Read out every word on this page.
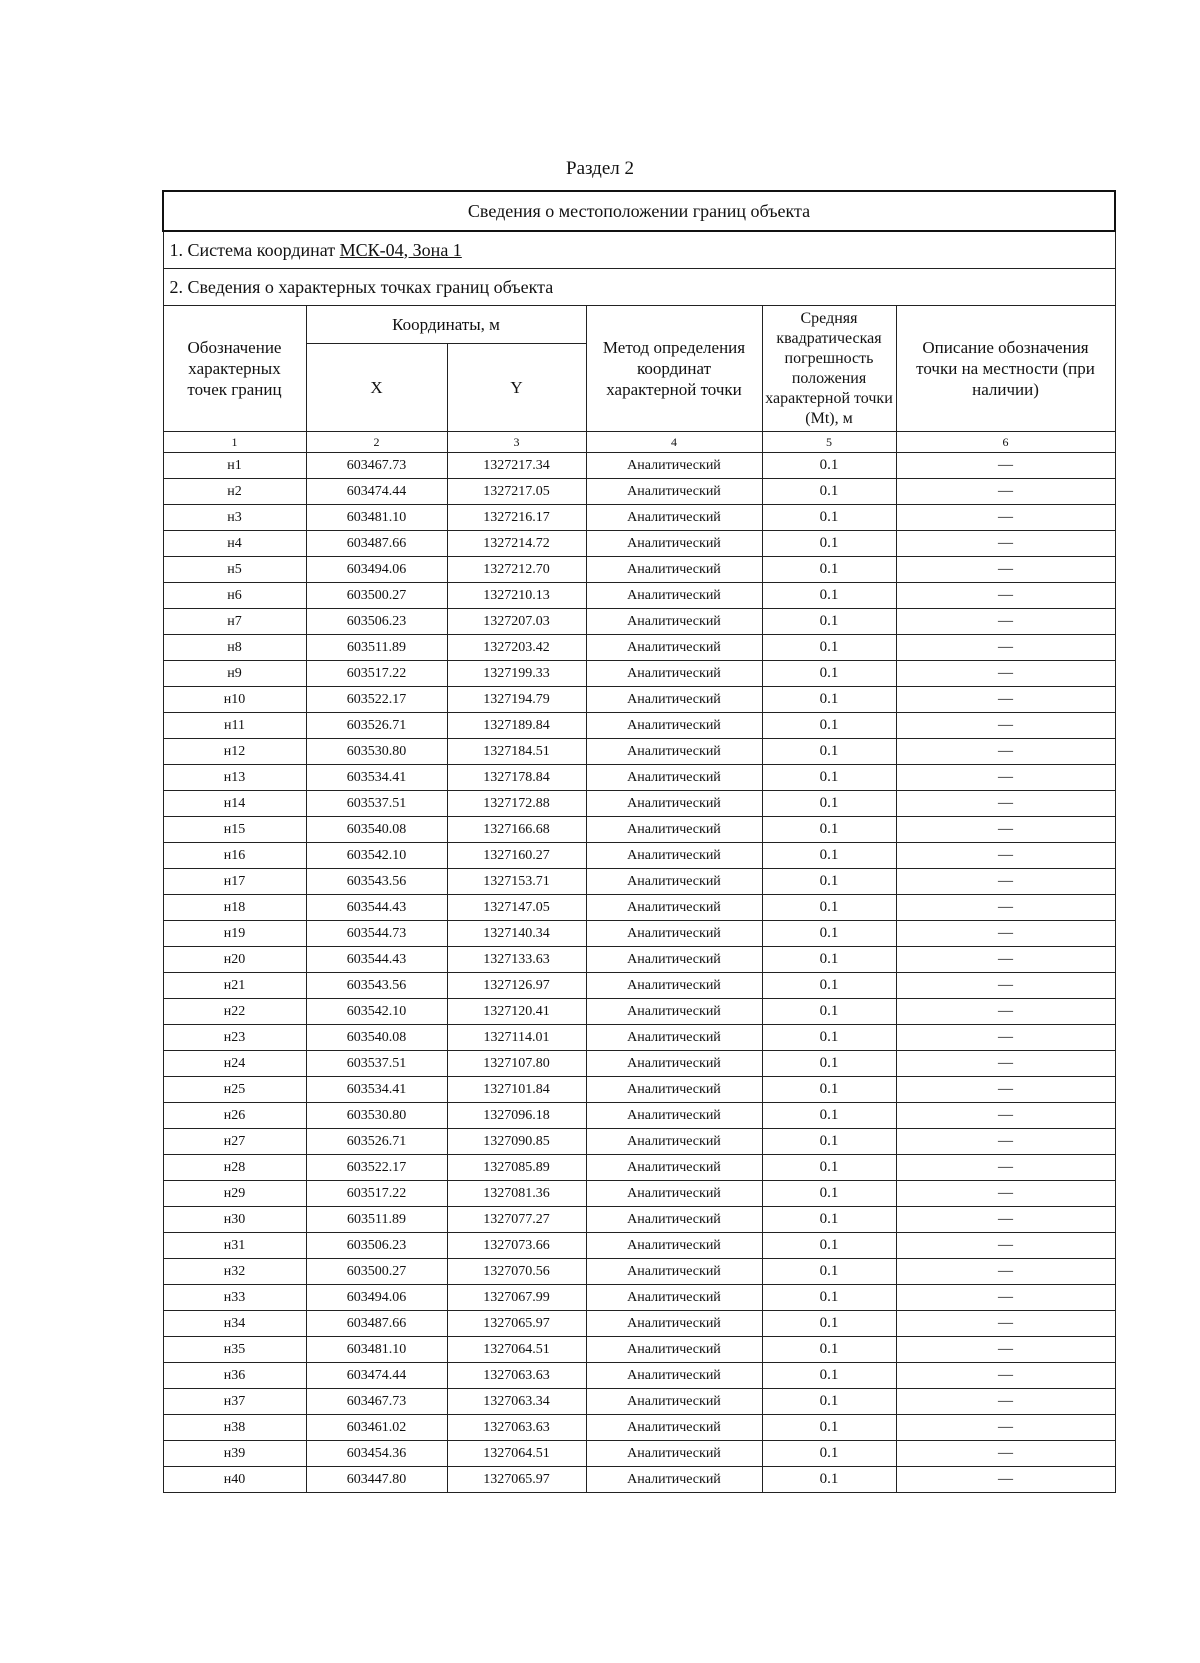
Раздел 2
Сведения о местоположении границ объекта					
1. Система координат МСК-04, Зона 1					
2. Сведения о характерных точках границ объекта					
Обозначение характерных точек границ	Координаты, м		Метод определения координат характерной точки	Средняя квадратическая погрешность положения характерной точки (Mt), м	Описание обозначения точки на местности (при наличии)
	X	Y			
1	2	3	4	5	6
н1	603467.73	1327217.34	Аналитический	0.1	—
н2	603474.44	1327217.05	Аналитический	0.1	—
н3	603481.10	1327216.17	Аналитический	0.1	—
н4	603487.66	1327214.72	Аналитический	0.1	—
н5	603494.06	1327212.70	Аналитический	0.1	—
н6	603500.27	1327210.13	Аналитический	0.1	—
н7	603506.23	1327207.03	Аналитический	0.1	—
н8	603511.89	1327203.42	Аналитический	0.1	—
н9	603517.22	1327199.33	Аналитический	0.1	—
н10	603522.17	1327194.79	Аналитический	0.1	—
н11	603526.71	1327189.84	Аналитический	0.1	—
н12	603530.80	1327184.51	Аналитический	0.1	—
н13	603534.41	1327178.84	Аналитический	0.1	—
н14	603537.51	1327172.88	Аналитический	0.1	—
н15	603540.08	1327166.68	Аналитический	0.1	—
н16	603542.10	1327160.27	Аналитический	0.1	—
н17	603543.56	1327153.71	Аналитический	0.1	—
н18	603544.43	1327147.05	Аналитический	0.1	—
н19	603544.73	1327140.34	Аналитический	0.1	—
н20	603544.43	1327133.63	Аналитический	0.1	—
н21	603543.56	1327126.97	Аналитический	0.1	—
н22	603542.10	1327120.41	Аналитический	0.1	—
н23	603540.08	1327114.01	Аналитический	0.1	—
н24	603537.51	1327107.80	Аналитический	0.1	—
н25	603534.41	1327101.84	Аналитический	0.1	—
н26	603530.80	1327096.18	Аналитический	0.1	—
н27	603526.71	1327090.85	Аналитический	0.1	—
н28	603522.17	1327085.89	Аналитический	0.1	—
н29	603517.22	1327081.36	Аналитический	0.1	—
н30	603511.89	1327077.27	Аналитический	0.1	—
н31	603506.23	1327073.66	Аналитический	0.1	—
н32	603500.27	1327070.56	Аналитический	0.1	—
н33	603494.06	1327067.99	Аналитический	0.1	—
н34	603487.66	1327065.97	Аналитический	0.1	—
н35	603481.10	1327064.51	Аналитический	0.1	—
н36	603474.44	1327063.63	Аналитический	0.1	—
н37	603467.73	1327063.34	Аналитический	0.1	—
н38	603461.02	1327063.63	Аналитический	0.1	—
н39	603454.36	1327064.51	Аналитический	0.1	—
н40	603447.80	1327065.97	Аналитический	0.1	—
